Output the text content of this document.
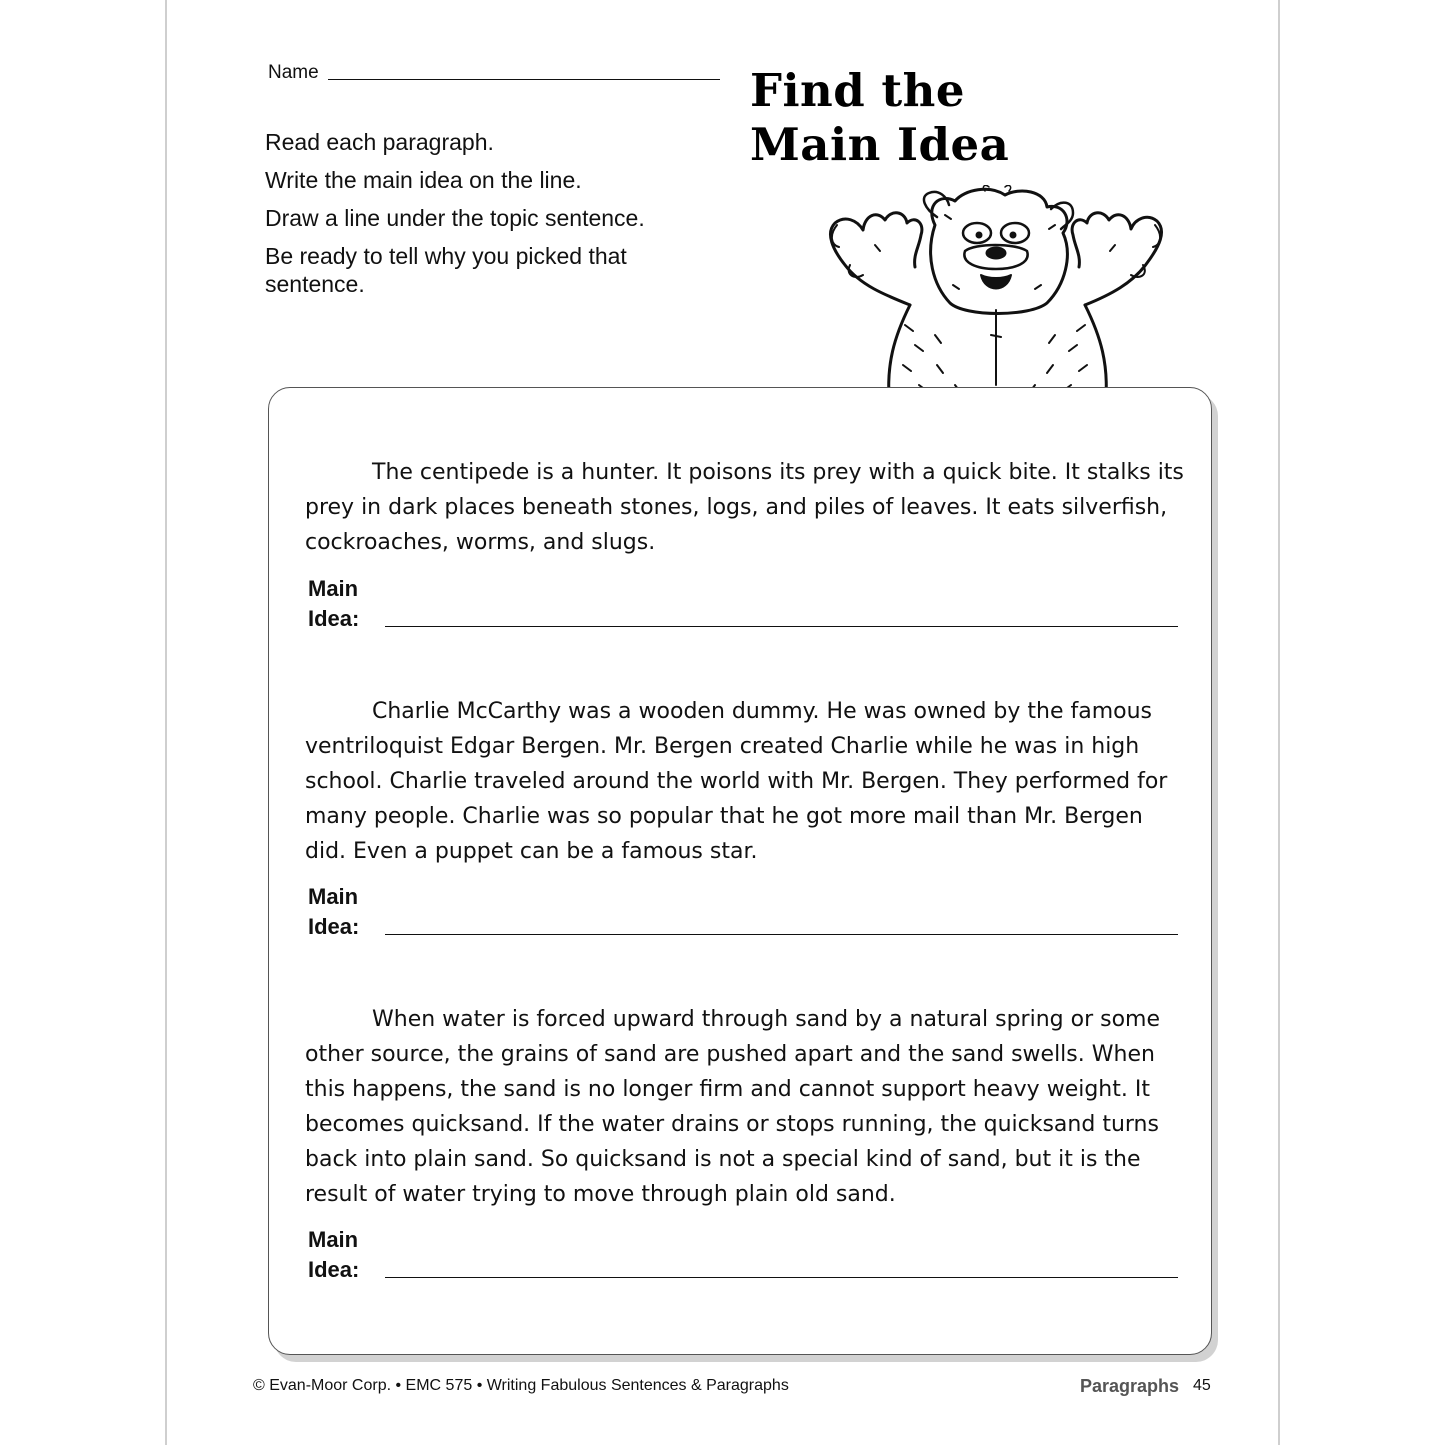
Name

Read each paragraph.

Write the main idea on the line.

Draw a line under the topic sentence.

Be ready to tell why you picked that sentence.

Find the
Main Idea

The centipede is a hunter. It poisons its prey with a quick bite. It stalks its prey in dark places beneath stones, logs, and piles of leaves. It eats silverfish, cockroaches, worms, and slugs.

Main
Idea:

Charlie McCarthy was a wooden dummy. He was owned by the famous ventriloquist Edgar Bergen. Mr. Bergen created Charlie while he was in high school. Charlie traveled around the world with Mr. Bergen. They performed for many people. Charlie was so popular that he got more mail than Mr. Bergen did. Even a puppet can be a famous star.

Main
Idea:

When water is forced upward through sand by a natural spring or some other source, the grains of sand are pushed apart and the sand swells. When this happens, the sand is no longer firm and cannot support heavy weight. It becomes quicksand. If the water drains or stops running, the quicksand turns back into plain sand. So quicksand is not a special kind of sand, but it is the result of water trying to move through plain old sand.

Main
Idea:
© Evan-Moor Corp. • EMC 575 • Writing Fabulous Sentences & Paragraphs	Paragraphs 45
